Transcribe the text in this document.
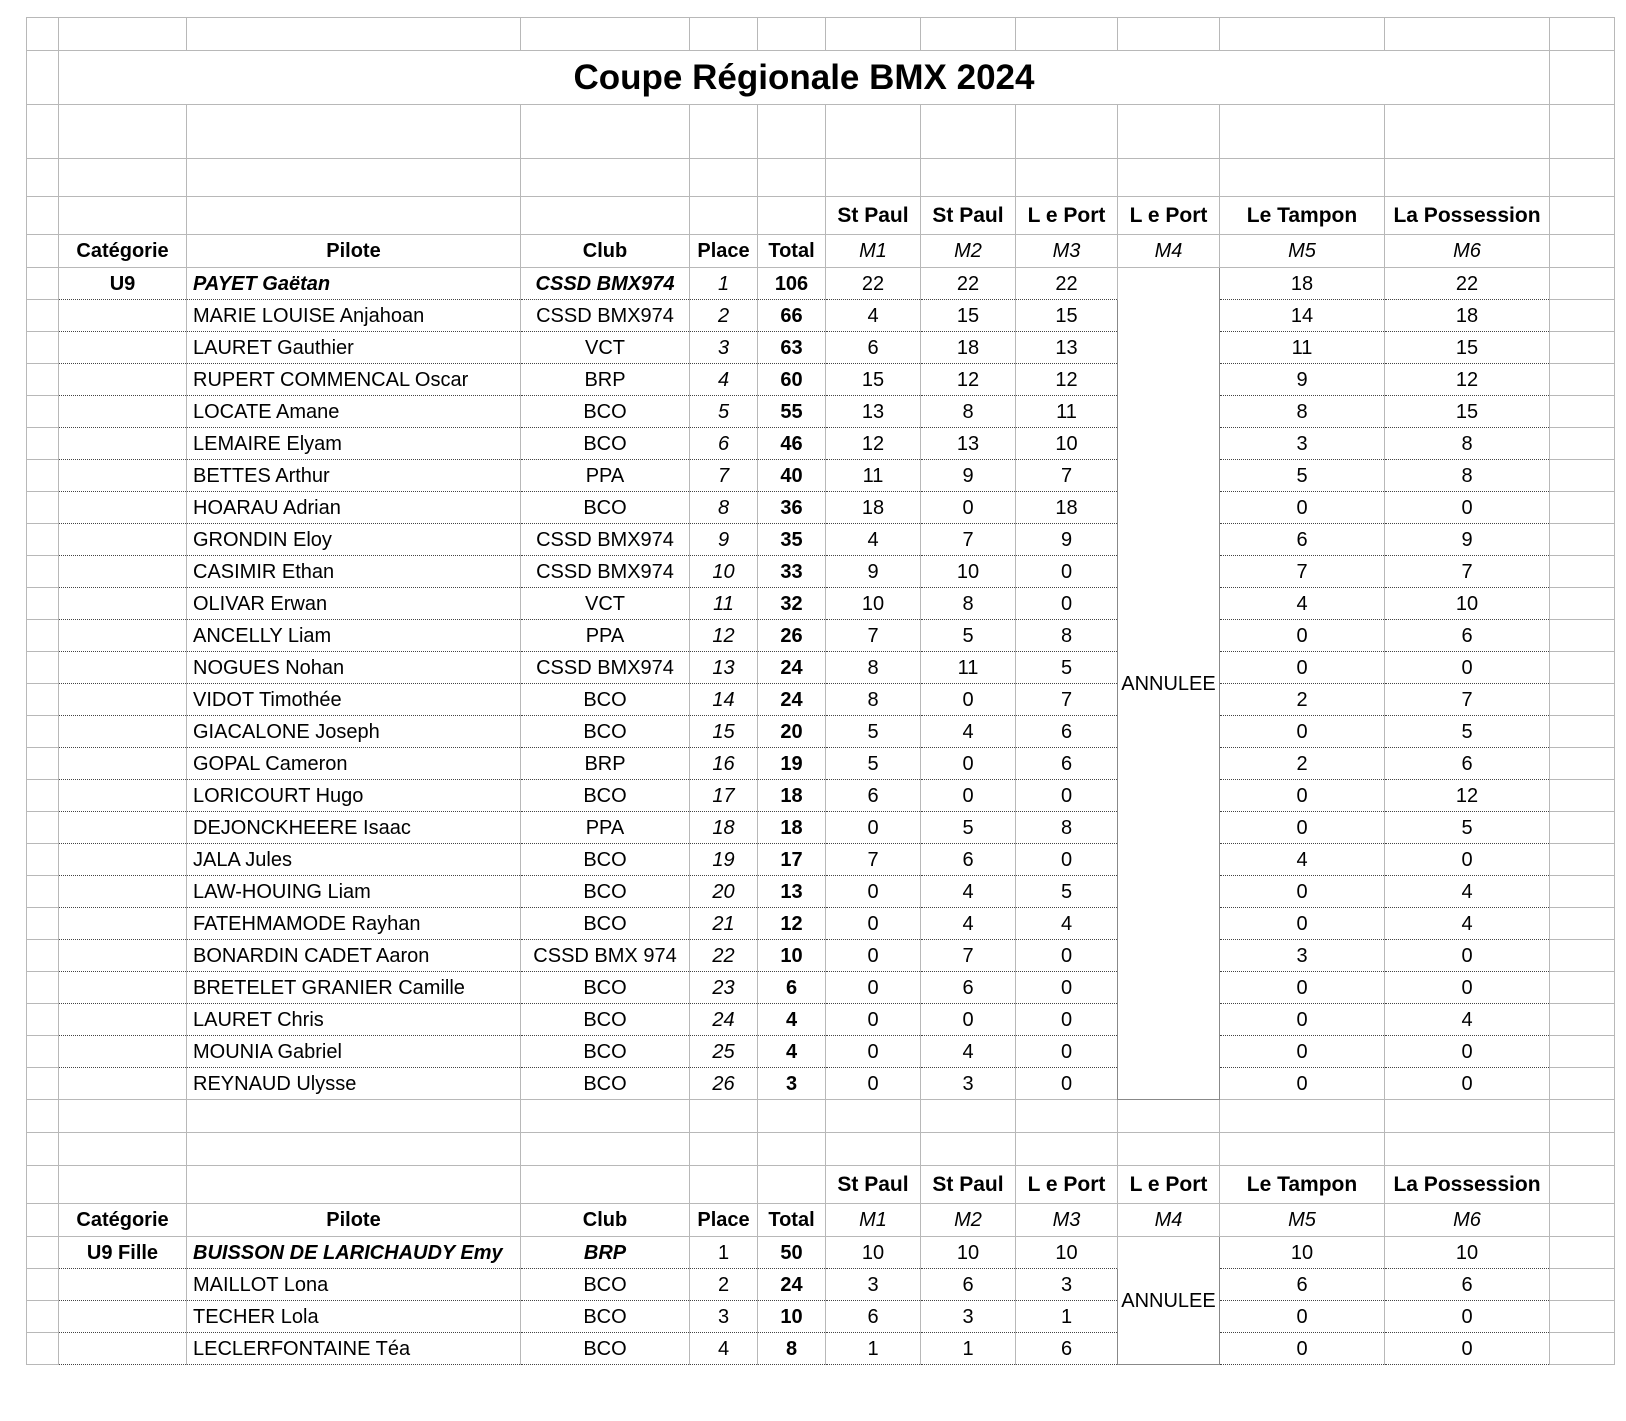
	Coupe Régionale BMX 2024											

						St Paul	St Paul	L e Port	L e Port	Le Tampon	La Possession	
	Catégorie	Pilote	Club	Place	Total	M1	M2	M3	M4	M5	M6	
	U9	PAYET Gaëtan	CSSD BMX974	1	106	22	22	22	ANNULEE	18	22	
		MARIE LOUISE Anjahoan	CSSD BMX974	2	66	4	15	15		14	18	
		LAURET Gauthier	VCT	3	63	6	18	13		11	15	
		RUPERT COMMENCAL Oscar	BRP	4	60	15	12	12		9	12	
		LOCATE Amane	BCO	5	55	13	8	11		8	15	
		LEMAIRE Elyam	BCO	6	46	12	13	10		3	8	
		BETTES Arthur	PPA	7	40	11	9	7		5	8	
		HOARAU Adrian	BCO	8	36	18	0	18		0	0	
		GRONDIN Eloy	CSSD BMX974	9	35	4	7	9		6	9	
		CASIMIR Ethan	CSSD BMX974	10	33	9	10	0		7	7	
		OLIVAR Erwan	VCT	11	32	10	8	0		4	10	
		ANCELLY Liam	PPA	12	26	7	5	8		0	6	
		NOGUES Nohan	CSSD BMX974	13	24	8	11	5		0	0	
		VIDOT Timothée	BCO	14	24	8	0	7		2	7	
		GIACALONE Joseph	BCO	15	20	5	4	6		0	5	
		GOPAL Cameron	BRP	16	19	5	0	6		2	6	
		LORICOURT Hugo	BCO	17	18	6	0	0		0	12	
		DEJONCKHEERE Isaac	PPA	18	18	0	5	8		0	5	
		JALA Jules	BCO	19	17	7	6	0		4	0	
		LAW-HOUING Liam	BCO	20	13	0	4	5		0	4	
		FATEHMAMODE Rayhan	BCO	21	12	0	4	4		0	4	
		BONARDIN CADET Aaron	CSSD BMX 974	22	10	0	7	0		3	0	
		BRETELET GRANIER Camille	BCO	23	6	0	6	0		0	0	
		LAURET Chris	BCO	24	4	0	0	0		0	4	
		MOUNIA Gabriel	BCO	25	4	0	4	0		0	0	
		REYNAUD Ulysse	BCO	26	3	0	3	0		0	0	

						St Paul	St Paul	L e Port	L e Port	Le Tampon	La Possession	
	Catégorie	Pilote	Club	Place	Total	M1	M2	M3	M4	M5	M6	
	U9 Fille	BUISSON DE LARICHAUDY Emy	BRP	1	50	10	10	10	ANNULEE	10	10	
		MAILLOT Lona	BCO	2	24	3	6	3		6	6	
		TECHER Lola	BCO	3	10	6	3	1		0	0	
		LECLERFONTAINE Téa	BCO	4	8	1	1	6		0	0	
